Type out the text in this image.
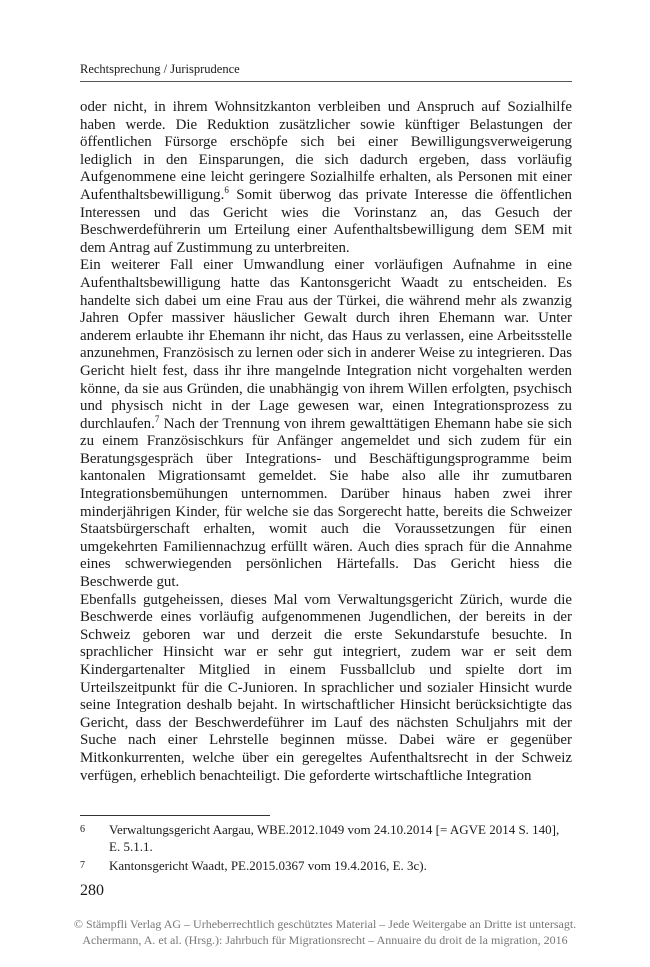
Rechtsprechung / Jurisprudence

oder nicht, in ihrem Wohnsitzkanton verbleiben und Anspruch auf Sozialhilfe haben werde. Die Reduktion zusätzlicher sowie künftiger Belastungen der öffentlichen Fürsorge erschöpfe sich bei einer Bewilligungsverweigerung lediglich in den Einsparungen, die sich dadurch ergeben, dass vorläufig Aufgenommene eine leicht geringere Sozialhilfe erhalten, als Personen mit einer Aufenthaltsbewilligung.$^6$ Somit überwog das private Interesse die öffentlichen Interessen und das Gericht wies die Vorinstanz an, das Gesuch der Beschwerdeführerin um Erteilung einer Aufenthaltsbewilligung dem SEM mit dem Antrag auf Zustimmung zu unterbreiten.

Ein weiterer Fall einer Umwandlung einer vorläufigen Aufnahme in eine Aufenthaltsbewilligung hatte das Kantonsgericht Waadt zu entscheiden. Es handelte sich dabei um eine Frau aus der Türkei, die während mehr als zwanzig Jahren Opfer massiver häuslicher Gewalt durch ihren Ehemann war. Unter anderem erlaubte ihr Ehemann ihr nicht, das Haus zu verlassen, eine Arbeitsstelle anzunehmen, Französisch zu lernen oder sich in anderer Weise zu integrieren. Das Gericht hielt fest, dass ihr ihre mangelnde Integration nicht vorgehalten werden könne, da sie aus Gründen, die unabhängig von ihrem Willen erfolgten, psychisch und physisch nicht in der Lage gewesen war, einen Integrationsprozess zu durchlaufen.$^7$ Nach der Trennung von ihrem gewalttätigen Ehemann habe sie sich zu einem Französischkurs für Anfänger angemeldet und sich zudem für ein Beratungsgespräch über Integrations- und Beschäftigungsprogramme beim kantonalen Migrationsamt gemeldet. Sie habe also alle ihr zumutbaren Integrationsbemühungen unternommen. Darüber hinaus haben zwei ihrer minderjährigen Kinder, für welche sie das Sorgerecht hatte, bereits die Schweizer Staatsbürgerschaft erhalten, womit auch die Voraussetzungen für einen umgekehrten Familiennachzug erfüllt wären. Auch dies sprach für die Annahme eines schwerwiegenden persönlichen Härtefalls. Das Gericht hiess die Beschwerde gut.

Ebenfalls gutgeheissen, dieses Mal vom Verwaltungsgericht Zürich, wurde die Beschwerde eines vorläufig aufgenommenen Jugendlichen, der bereits in der Schweiz geboren war und derzeit die erste Sekundarstufe besuchte. In sprachlicher Hinsicht war er sehr gut integriert, zudem war er seit dem Kindergartenalter Mitglied in einem Fussballclub und spielte dort im Urteilszeitpunkt für die C-Junioren. In sprachlicher und sozialer Hinsicht wurde seine Integration deshalb bejaht. In wirtschaftlicher Hinsicht berücksichtigte das Gericht, dass der Beschwerdeführer im Lauf des nächsten Schuljahrs mit der Suche nach einer Lehrstelle beginnen müsse. Dabei wäre er gegenüber Mitkonkurrenten, welche über ein geregeltes Aufenthaltsrecht in der Schweiz verfügen, erheblich benachteiligt. Die geforderte wirtschaftliche Integration

6	Verwaltungsgericht Aargau, WBE.2012.1049 vom 24.10.2014 [= AGVE 2014 S. 140], E. 5.1.1.
7	Kantonsgericht Waadt, PE.2015.0367 vom 19.4.2016, E. 3c).
280
© Stämpfli Verlag AG – Urheberrechtlich geschütztes Material – Jede Weitergabe an Dritte ist untersagt.
Achermann, A. et al. (Hrsg.): Jahrbuch für Migrationsrecht – Annuaire du droit de la migration, 2016
